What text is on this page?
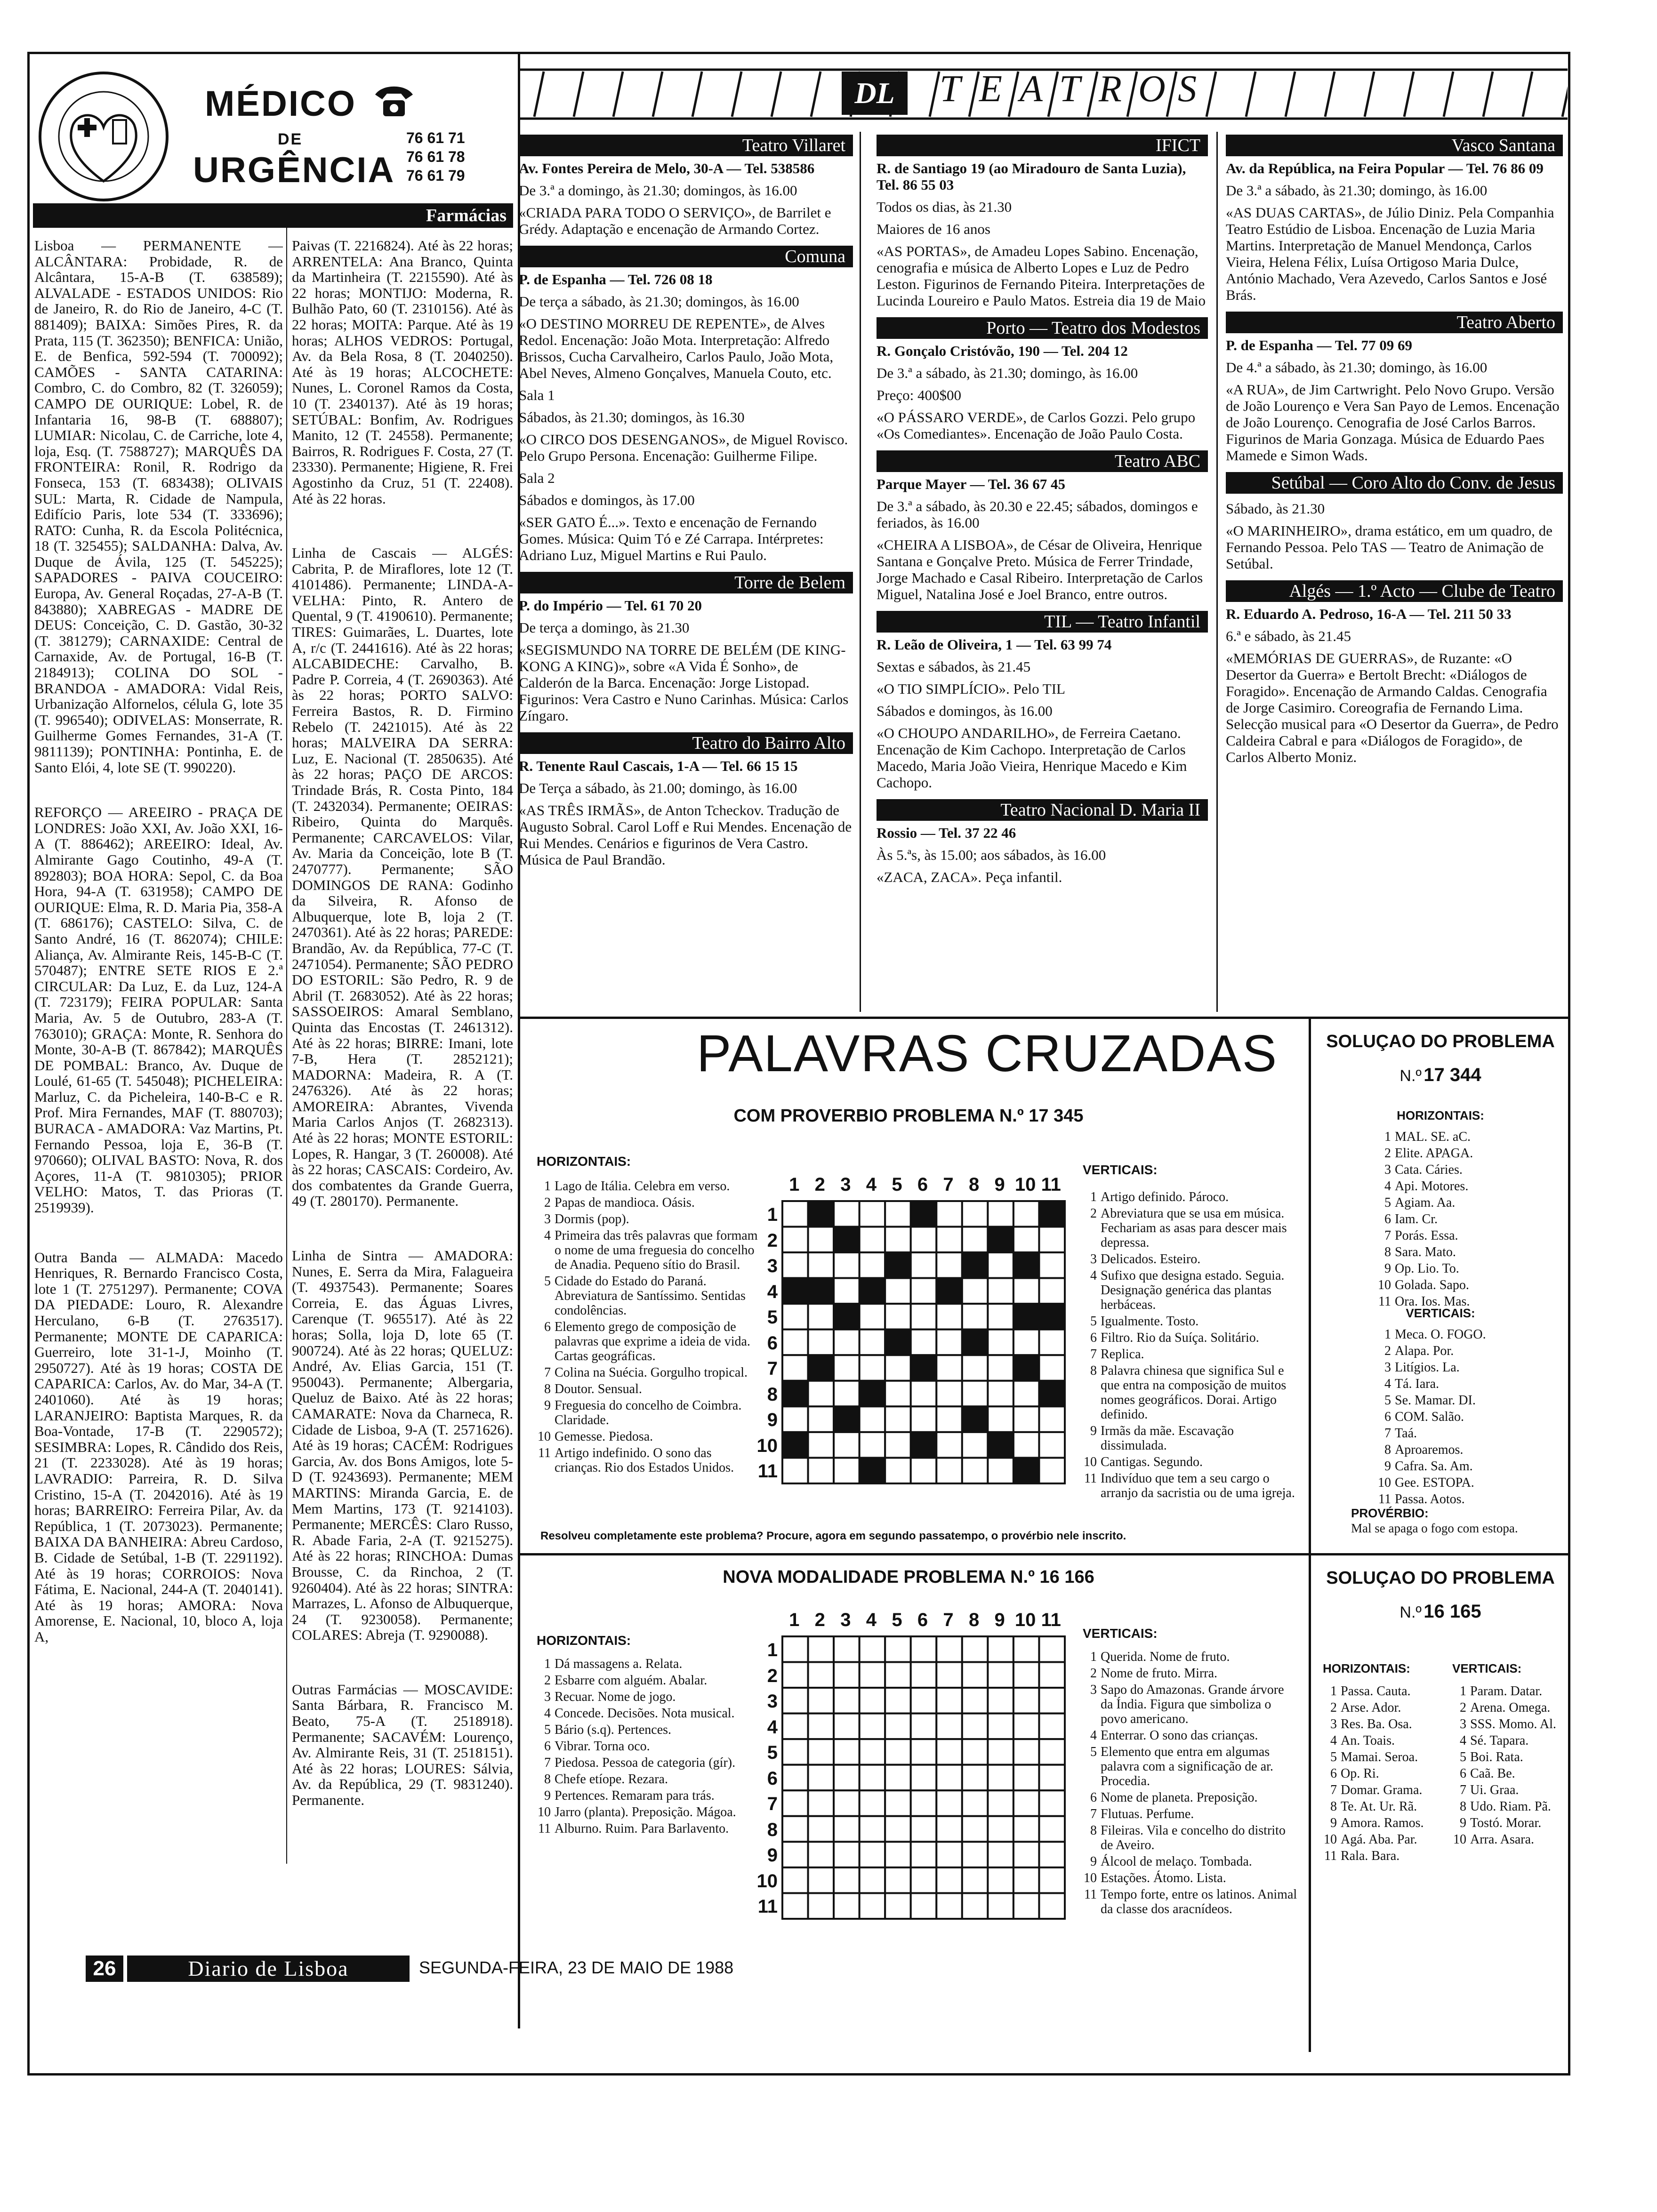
MÉDICO
DE
URGÊNCIA
76 61 71
76 61 78
76 61 79
Farmácias

Lisboa — PERMANENTE — ALCÂNTARA: Probidade, R. de Alcântara, 15-A-B (T. 638589); ALVALADE - ESTADOS UNIDOS: Rio de Janeiro, R. do Rio de Janeiro, 4-C (T. 881409); BAIXA: Simões Pires, R. da Prata, 115 (T. 362350); BENFICA: União, E. de Benfica, 592-594 (T. 700092); CAMÕES - SANTA CATARINA: Combro, C. do Combro, 82 (T. 326059); CAMPO DE OURIQUE: Lobel, R. de Infantaria 16, 98-B (T. 688807); LUMIAR: Nicolau, C. de Carriche, lote 4, loja, Esq. (T. 7588727); MARQUÊS DA FRONTEIRA: Ronil, R. Rodrigo da Fonseca, 153 (T. 683438); OLIVAIS SUL: Marta, R. Cidade de Nampula, Edifício Paris, lote 534 (T. 333696); RATO: Cunha, R. da Escola Politécnica, 18 (T. 325455); SALDANHA: Dalva, Av. Duque de Ávila, 125 (T. 545225); SAPADORES - PAIVA COUCEIRO: Europa, Av. General Roçadas, 27-A-B (T. 843880); XABREGAS - MADRE DE DEUS: Conceição, C. D. Gastão, 30-32 (T. 381279); CARNAXIDE: Central de Carnaxide, Av. de Portugal, 16-B (T. 2184913); COLINA DO SOL - BRANDOA - AMADORA: Vidal Reis, Urbanização Alfornelos, célula G, lote 35 (T. 996540); ODIVELAS: Monserrate, R. Guilherme Gomes Fernandes, 31-A (T. 9811139); PONTINHA: Pontinha, E. de Santo Elói, 4, lote SE (T. 990220).

REFORÇO — AREEIRO - PRAÇA DE LONDRES: João XXI, Av. João XXI, 16-A (T. 886462); AREEIRO: Ideal, Av. Almirante Gago Coutinho, 49-A (T. 892803); BOA HORA: Sepol, C. da Boa Hora, 94-A (T. 631958); CAMPO DE OURIQUE: Elma, R. D. Maria Pia, 358-A (T. 686176); CASTELO: Silva, C. de Santo André, 16 (T. 862074); CHILE: Aliança, Av. Almirante Reis, 145-B-C (T. 570487); ENTRE SETE RIOS E 2.ª CIRCULAR: Da Luz, E. da Luz, 124-A (T. 723179); FEIRA POPULAR: Santa Maria, Av. 5 de Outubro, 283-A (T. 763010); GRAÇA: Monte, R. Senhora do Monte, 30-A-B (T. 867842); MARQUÊS DE POMBAL: Branco, Av. Duque de Loulé, 61-65 (T. 545048); PICHELEIRA: Marluz, C. da Picheleira, 140-B-C e R. Prof. Mira Fernandes, MAF (T. 880703); BURACA - AMADORA: Vaz Martins, Pt. Fernando Pessoa, loja E, 36-B (T. 970660); OLIVAL BASTO: Nova, R. dos Açores, 11-A (T. 9810305); PRIOR VELHO: Matos, T. das Prioras (T. 2519939).

Outra Banda — ALMADA: Macedo Henriques, R. Bernardo Francisco Costa, lote 1 (T. 2751297). Permanente; COVA DA PIEDADE: Louro, R. Alexandre Herculano, 6-B (T. 2763517). Permanente; MONTE DE CAPARICA: Guerreiro, lote 31-1-J, Moinho (T. 2950727). Até às 19 horas; COSTA DE CAPARICA: Carlos, Av. do Mar, 34-A (T. 2401060). Até às 19 horas; LARANJEIRO: Baptista Marques, R. da Boa-Vontade, 17-B (T. 2290572); SESIMBRA: Lopes, R. Cândido dos Reis, 21 (T. 2233028). Até às 19 horas; LAVRADIO: Parreira, R. D. Silva Cristino, 15-A (T. 2042016). Até às 19 horas; BARREIRO: Ferreira Pilar, Av. da República, 1 (T. 2073023). Permanente; BAIXA DA BANHEIRA: Abreu Cardoso, B. Cidade de Setúbal, 1-B (T. 2291192). Até às 19 horas; CORROIOS: Nova Fátima, E. Nacional, 244-A (T. 2040141). Até às 19 horas; AMORA: Nova Amorense, E. Nacional, 10, bloco A, loja A,

Paivas (T. 2216824). Até às 22 horas; ARRENTELA: Ana Branco, Quinta da Martinheira (T. 2215590). Até às 22 horas; MONTIJO: Moderna, R. Bulhão Pato, 60 (T. 2310156). Até às 22 horas; MOITA: Parque. Até às 19 horas; ALHOS VEDROS: Portugal, Av. da Bela Rosa, 8 (T. 2040250). Até às 19 horas; ALCOCHETE: Nunes, L. Coronel Ramos da Costa, 10 (T. 2340137). Até às 19 horas; SETÚBAL: Bonfim, Av. Rodrigues Manito, 12 (T. 24558). Permanente; Bairros, R. Rodrigues F. Costa, 27 (T. 23330). Permanente; Higiene, R. Frei Agostinho da Cruz, 51 (T. 22408). Até às 22 horas.

Linha de Cascais — ALGÉS: Cabrita, P. de Miraflores, lote 12 (T. 4101486). Permanente; LINDA-A-VELHA: Pinto, R. Antero de Quental, 9 (T. 4190610). Permanente; TIRES: Guimarães, L. Duartes, lote A, r/c (T. 2441616). Até às 22 horas; ALCABIDECHE: Carvalho, B. Padre P. Correia, 4 (T. 2690363). Até às 22 horas; PORTO SALVO: Ferreira Bastos, R. D. Firmino Rebelo (T. 2421015). Até às 22 horas; MALVEIRA DA SERRA: Luz, E. Nacional (T. 2850635). Até às 22 horas; PAÇO DE ARCOS: Trindade Brás, R. Costa Pinto, 184 (T. 2432034). Permanente; OEIRAS: Ribeiro, Quinta do Marquês. Permanente; CARCAVELOS: Vilar, Av. Maria da Conceição, lote B (T. 2470777). Permanente; SÃO DOMINGOS DE RANA: Godinho da Silveira, R. Afonso de Albuquerque, lote B, loja 2 (T. 2470361). Até às 22 horas; PAREDE: Brandão, Av. da República, 77-C (T. 2471054). Permanente; SÃO PEDRO DO ESTORIL: São Pedro, R. 9 de Abril (T. 2683052). Até às 22 horas; SASSOEIROS: Amaral Semblano, Quinta das Encostas (T. 2461312). Até às 22 horas; BIRRE: Imani, lote 7-B, Hera (T. 2852121); MADORNA: Madeira, R. A (T. 2476326). Até às 22 horas; AMOREIRA: Abrantes, Vivenda Maria Carlos Anjos (T. 2682313). Até às 22 horas; MONTE ESTORIL: Lopes, R. Hangar, 3 (T. 260008). Até às 22 horas; CASCAIS: Cordeiro, Av. dos combatentes da Grande Guerra, 49 (T. 280170). Permanente.

Linha de Sintra — AMADORA: Nunes, E. Serra da Mira, Falagueira (T. 4937543). Permanente; Soares Correia, E. das Águas Livres, Carenque (T. 965517). Até às 22 horas; Solla, loja D, lote 65 (T. 900724). Até às 22 horas; QUELUZ: André, Av. Elias Garcia, 151 (T. 950043). Permanente; Albergaria, Queluz de Baixo. Até às 22 horas; CAMARATE: Nova da Charneca, R. Cidade de Lisboa, 9-A (T. 2571626). Até às 19 horas; CACÉM: Rodrigues Garcia, Av. dos Bons Amigos, lote 5-D (T. 9243693). Permanente; MEM MARTINS: Miranda Garcia, E. de Mem Martins, 173 (T. 9214103). Permanente; MERCÊS: Claro Russo, R. Abade Faria, 2-A (T. 9215275). Até às 22 horas; RINCHOA: Dumas Brousse, C. da Rinchoa, 2 (T. 9260404). Até às 22 horas; SINTRA: Marrazes, L. Afonso de Albuquerque, 24 (T. 9230058). Permanente; COLARES: Abreja (T. 9290088).

Outras Farmácias — MOSCAVIDE: Santa Bárbara, R. Francisco M. Beato, 75-A (T. 2518918). Permanente; SACAVÉM: Lourenço, Av. Almirante Reis, 31 (T. 2518151). Até às 22 horas; LOURES: Sálvia, Av. da República, 29 (T. 9831240). Permanente.

DL	T E A T R O S
Teatro Villaret

Av. Fontes Pereira de Melo, 30-A — Tel. 538586

De 3.ª a domingo, às 21.30; domingos, às 16.00

«CRIADA PARA TODO O SERVIÇO», de Barrilet e Grédy. Adaptação e encenação de Armando Cortez.

Comuna

P. de Espanha — Tel. 726 08 18

De terça a sábado, às 21.30; domingos, às 16.00

«O DESTINO MORREU DE REPENTE», de Alves Redol. Encenação: João Mota. Interpretação: Alfredo Brissos, Cucha Carvalheiro, Carlos Paulo, João Mota, Abel Neves, Almeno Gonçalves, Manuela Couto, etc.

Sala 1

Sábados, às 21.30; domingos, às 16.30

«O CIRCO DOS DESENGANOS», de Miguel Rovisco. Pelo Grupo Persona. Encenação: Guilherme Filipe.

Sala 2

Sábados e domingos, às 17.00

«SER GATO É...». Texto e encenação de Fernando Gomes. Música: Quim Tó e Zé Carrapa. Intérpretes: Adriano Luz, Miguel Martins e Rui Paulo.

Torre de Belem

P. do Império — Tel. 61 70 20

De terça a domingo, às 21.30

«SEGISMUNDO NA TORRE DE BELÉM (DE KING-KONG A KING)», sobre «A Vida É Sonho», de Calderón de la Barca. Encenação: Jorge Listopad. Figurinos: Vera Castro e Nuno Carinhas. Música: Carlos Zíngaro.

Teatro do Bairro Alto

R. Tenente Raul Cascais, 1-A — Tel. 66 15 15

De Terça a sábado, às 21.00; domingo, às 16.00

«AS TRÊS IRMÃS», de Anton Tcheckov. Tradução de Augusto Sobral. Carol Loff e Rui Mendes. Encenação de Rui Mendes. Cenários e figurinos de Vera Castro. Música de Paul Brandão.

IFICT

R. de Santiago 19 (ao Miradouro de Santa Luzia), Tel. 86 55 03

Todos os dias, às 21.30

Maiores de 16 anos

«AS PORTAS», de Amadeu Lopes Sabino. Encenação, cenografia e música de Alberto Lopes e Luz de Pedro Leston. Figurinos de Fernando Piteira. Interpretações de Lucinda Loureiro e Paulo Matos. Estreia dia 19 de Maio

Porto — Teatro dos Modestos

R. Gonçalo Cristóvão, 190 — Tel. 204 12

De 3.ª a sábado, às 21.30; domingo, às 16.00

Preço: 400$00

«O PÁSSARO VERDE», de Carlos Gozzi. Pelo grupo «Os Comediantes». Encenação de João Paulo Costa.

Teatro ABC

Parque Mayer — Tel. 36 67 45

De 3.ª a sábado, às 20.30 e 22.45; sábados, domingos e feriados, às 16.00

«CHEIRA A LISBOA», de César de Oliveira, Henrique Santana e Gonçalve Preto. Música de Ferrer Trindade, Jorge Machado e Casal Ribeiro. Interpretação de Carlos Miguel, Natalina José e Joel Branco, entre outros.

TIL — Teatro Infantil

R. Leão de Oliveira, 1 — Tel. 63 99 74

Sextas e sábados, às 21.45

«O TIO SIMPLÍCIO». Pelo TIL

Sábados e domingos, às 16.00

«O CHOUPO ANDARILHO», de Ferreira Caetano. Encenação de Kim Cachopo. Interpretação de Carlos Macedo, Maria João Vieira, Henrique Macedo e Kim Cachopo.

Teatro Nacional D. Maria II

Rossio — Tel. 37 22 46

Às 5.ªs, às 15.00; aos sábados, às 16.00

«ZACA, ZACA». Peça infantil.

Vasco Santana

Av. da República, na Feira Popular — Tel. 76 86 09

De 3.ª a sábado, às 21.30; domingo, às 16.00

«AS DUAS CARTAS», de Júlio Diniz. Pela Companhia Teatro Estúdio de Lisboa. Encenação de Luzia Maria Martins. Interpretação de Manuel Mendonça, Carlos Vieira, Helena Félix, Luísa Ortigoso Maria Dulce, António Machado, Vera Azevedo, Carlos Santos e José Brás.

Teatro Aberto

P. de Espanha — Tel. 77 09 69

De 4.ª a sábado, às 21.30; domingo, às 16.00

«A RUA», de Jim Cartwright. Pelo Novo Grupo. Versão de João Lourenço e Vera San Payo de Lemos. Encenação de João Lourenço. Cenografia de José Carlos Barros. Figurinos de Maria Gonzaga. Música de Eduardo Paes Mamede e Simon Wads.

Setúbal — Coro Alto do Conv. de Jesus

Sábado, às 21.30

«O MARINHEIRO», drama estático, em um quadro, de Fernando Pessoa. Pelo TAS — Teatro de Animação de Setúbal.

Algés — 1.º Acto — Clube de Teatro

R. Eduardo A. Pedroso, 16-A — Tel. 211 50 33

6.ª e sábado, às 21.45

«MEMÓRIAS DE GUERRAS», de Ruzante: «O Desertor da Guerra» e Bertolt Brecht: «Diálogos de Foragido». Encenação de Armando Caldas. Cenografia de Jorge Casimiro. Coreografia de Fernando Lima. Selecção musical para «O Desertor da Guerra», de Pedro Caldeira Cabral e para «Diálogos de Foragido», de Carlos Alberto Moniz.

PALAVRAS CRUZADAS
COM PROVERBIO PROBLEMA N.º 17 345
HORIZONTAIS:
1 Lago de Itália. Celebra em verso.
2 Papas de mandioca. Oásis.
3 Dormis (pop).
4 Primeira das três palavras que formam o nome de uma freguesia do concelho de Anadia. Pequeno sítio do Brasil.
5 Cidade do Estado do Paraná. Abreviatura de Santíssimo. Sentidas condolências.
6 Elemento grego de composição de palavras que exprime a ideia de vida. Cartas geográficas.
7 Colina na Suécia. Gorgulho tropical.
8 Doutor. Sensual.
9 Freguesia do concelho de Coimbra. Claridade.
10 Gemesse. Piedosa.
11 Artigo indefinido. O sono das crianças. Rio dos Estados Unidos.
1 2 3 4 5 6 7 8 9 10 11
1
2
3
4
5
6
7
8
9
10
11
VERTICAIS:
1 Artigo definido. Pároco.
2 Abreviatura que se usa em música. Fechariam as asas para descer mais depressa.
3 Delicados. Esteiro.
4 Sufixo que designa estado. Seguia. Designação genérica das plantas herbáceas.
5 Igualmente. Tosto.
6 Filtro. Rio da Suíça. Solitário.
7 Replica.
8 Palavra chinesa que significa Sul e que entra na composição de muitos nomes geográficos. Dorai. Artigo definido.
9 Irmãs da mãe. Escavação dissimulada.
10 Cantigas. Segundo.
11 Indivíduo que tem a seu cargo o arranjo da sacristia ou de uma igreja.
Resolveu completamente este problema? Procure, agora em segundo passatempo, o provérbio nele inscrito.
SOLUÇAO DO PROBLEMA
N.º 17 344
HORIZONTAIS:
1 MAL. SE. aC.
2 Elite. APAGA.
3 Cata. Cáries.
4 Api. Motores.
5 Agiam. Aa.
6 Iam. Cr.
7 Porás. Essa.
8 Sara. Mato.
9 Op. Lio. To.
10 Golada. Sapo.
11 Ora. Ios. Mas.
VERTICAIS:
1 Meca. O. FOGO.
2 Alapa. Por.
3 Litígios. La.
4 Tá. Iara.
5 Se. Mamar. DI.
6 COM. Salão.
7 Taá.
8 Aproaremos.
9 Cafra. Sa. Am.
10 Gee. ESTOPA.
11 Passa. Aotos.
PROVÉRBIO:
Mal se apaga o fogo com estopa.
NOVA MODALIDADE PROBLEMA N.º 16 166
HORIZONTAIS:
1 Dá massagens a. Relata.
2 Esbarre com alguém. Abalar.
3 Recuar. Nome de jogo.
4 Concede. Decisões. Nota musical.
5 Bário (s.q). Pertences.
6 Vibrar. Torna oco.
7 Piedosa. Pessoa de categoria (gír).
8 Chefe etíope. Rezara.
9 Pertences. Remaram para trás.
10 Jarro (planta). Preposição. Mágoa.
11 Alburno. Ruim. Para Barlavento.
1 2 3 4 5 6 7 8 9 10 11
1
2
3
4
5
6
7
8
9
10
11
VERTICAIS:
1 Querida. Nome de fruto.
2 Nome de fruto. Mirra.
3 Sapo do Amazonas. Grande árvore da Índia. Figura que simboliza o povo americano.
4 Enterrar. O sono das crianças.
5 Elemento que entra em algumas palavra com a significação de ar. Procedia.
6 Nome de planeta. Preposição.
7 Flutuas. Perfume.
8 Fileiras. Vila e concelho do distrito de Aveiro.
9 Álcool de melaço. Tombada.
10 Estações. Átomo. Lista.
11 Tempo forte, entre os latinos. Animal da classe dos aracnídeos.
SOLUÇAO DO PROBLEMA
N.º 16 165
HORIZONTAIS:
1 Passa. Cauta.
2 Arse. Ador.
3 Res. Ba. Osa.
4 An. Toais.
5 Mamai. Seroa.
6 Op. Ri.
7 Domar. Grama.
8 Te. At. Ur. Rã.
9 Amora. Ramos.
10 Agá. Aba. Par.
11 Rala. Bara.
VERTICAIS:
1 Param. Datar.
2 Arena. Omega.
3 SSS. Momo. Al.
4 Sé. Tapara.
5 Boi. Rata.
6 Caã. Be.
7 Ui. Graa.
8 Udo. Riam. Pã.
9 Tostó. Morar.
10 Arra. Asara.
26	Diario de Lisboa	SEGUNDA-FEIRA, 23 DE MAIO DE 1988
